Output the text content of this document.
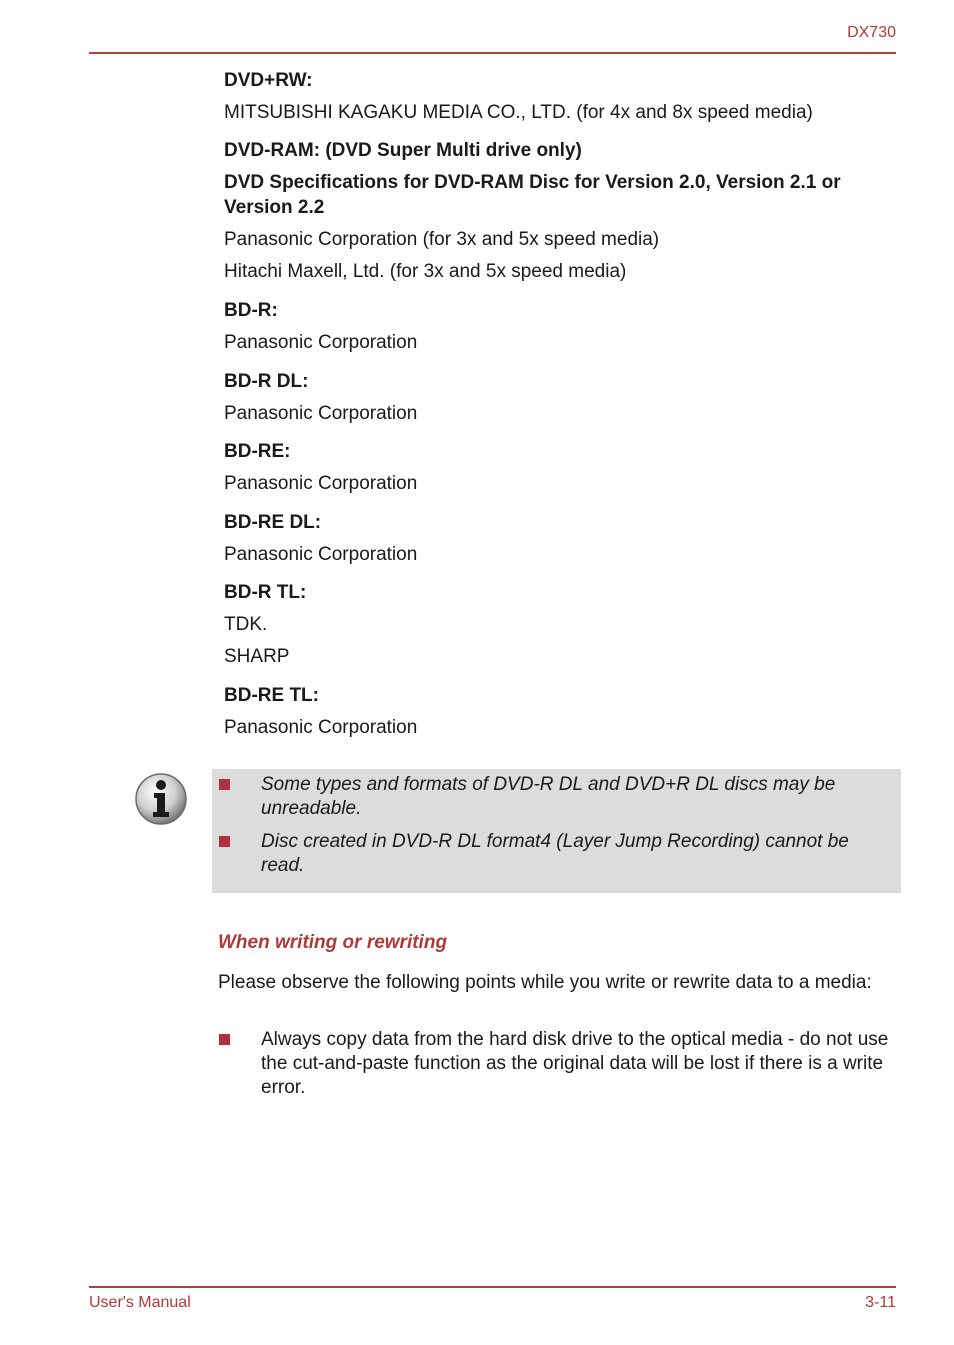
DX730

DVD+RW:

MITSUBISHI KAGAKU MEDIA CO., LTD. (for 4x and 8x speed media)

DVD-RAM: (DVD Super Multi drive only)

DVD Specifications for DVD-RAM Disc for Version 2.0, Version 2.1 or Version 2.2

Panasonic Corporation (for 3x and 5x speed media)

Hitachi Maxell, Ltd. (for 3x and 5x speed media)

BD-R:

Panasonic Corporation

BD-R DL:

Panasonic Corporation

BD-RE:

Panasonic Corporation

BD-RE DL:

Panasonic Corporation

BD-R TL:

TDK.

SHARP

BD-RE TL:

Panasonic Corporation

Some types and formats of DVD-R DL and DVD+R DL discs may be unreadable.
Disc created in DVD-R DL format4 (Layer Jump Recording) cannot be read.
When writing or rewriting
Please observe the following points while you write or rewrite data to a media:
Always copy data from the hard disk drive to the optical media - do not use the cut-and-paste function as the original data will be lost if there is a write error.
User's Manual	3-11
